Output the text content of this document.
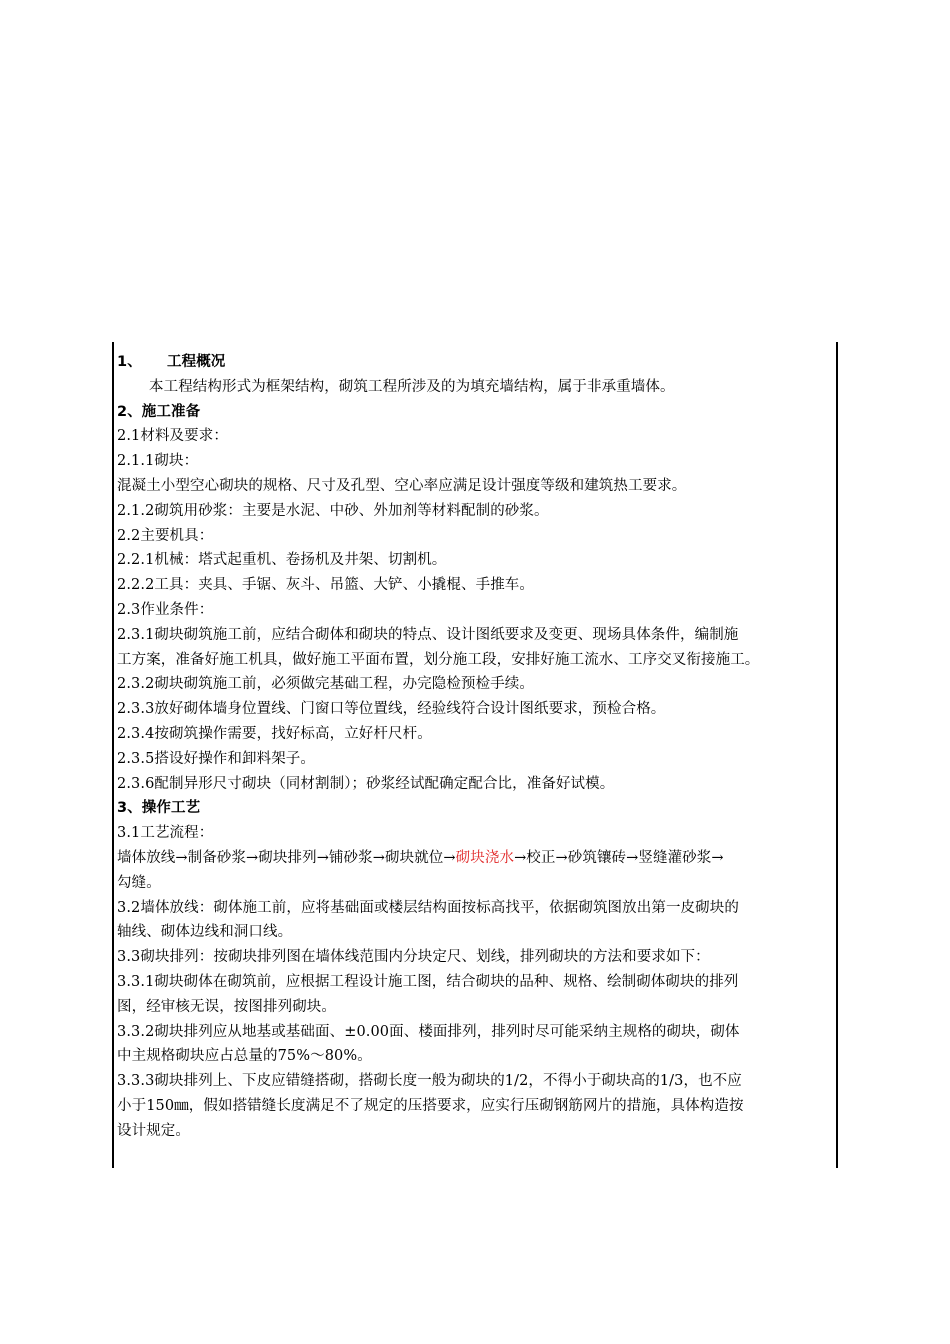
1、 工程概况
本工程结构形式为框架结构，砌筑工程所涉及的为填充墙结构，属于非承重墙体。
2、施工准备
2.1材料及要求：
2.1.1砌块：
混凝土小型空心砌块的规格、尺寸及孔型、空心率应满足设计强度等级和建筑热工要求。
2.1.2砌筑用砂浆：主要是水泥、中砂、外加剂等材料配制的砂浆。
2.2主要机具：
2.2.1机械：塔式起重机、卷扬机及井架、切割机。
2.2.2工具：夹具、手锯、灰斗、吊篮、大铲、小撬棍、手推车。
2.3作业条件：
2.3.1砌块砌筑施工前，应结合砌体和砌块的特点、设计图纸要求及变更、现场具体条件，编制施
工方案，准备好施工机具，做好施工平面布置，划分施工段，安排好施工流水、工序交叉衔接施工。
2.3.2砌块砌筑施工前，必须做完基础工程，办完隐检预检手续。
2.3.3放好砌体墙身位置线、门窗口等位置线，经验线符合设计图纸要求，预检合格。
2.3.4按砌筑操作需要，找好标高，立好杆尺杆。
2.3.5搭设好操作和卸料架子。
2.3.6配制异形尺寸砌块（同材割制）；砂浆经试配确定配合比，准备好试模。
3、操作工艺
3.1工艺流程：
墙体放线→制备砂浆→砌块排列→铺砂浆→砌块就位→砌块浇水→校正→砂筑镶砖→竖缝灌砂浆→
勾缝。
3.2墙体放线：砌体施工前，应将基础面或楼层结构面按标高找平，依据砌筑图放出第一皮砌块的
轴线、砌体边线和洞口线。
3.3砌块排列：按砌块排列图在墙体线范围内分块定尺、划线，排列砌块的方法和要求如下：
3.3.1砌块砌体在砌筑前，应根据工程设计施工图，结合砌块的品种、规格、绘制砌体砌块的排列
图，经审核无误，按图排列砌块。
3.3.2砌块排列应从地基或基础面、±0.00面、楼面排列，排列时尽可能采纳主规格的砌块，砌体
中主规格砌块应占总量的75%～80%。
3.3.3砌块排列上、下皮应错缝搭砌，搭砌长度一般为砌块的1/2，不得小于砌块高的1/3，也不应
小于150㎜，假如搭错缝长度满足不了规定的压搭要求，应实行压砌钢筋网片的措施，具体构造按
设计规定。
